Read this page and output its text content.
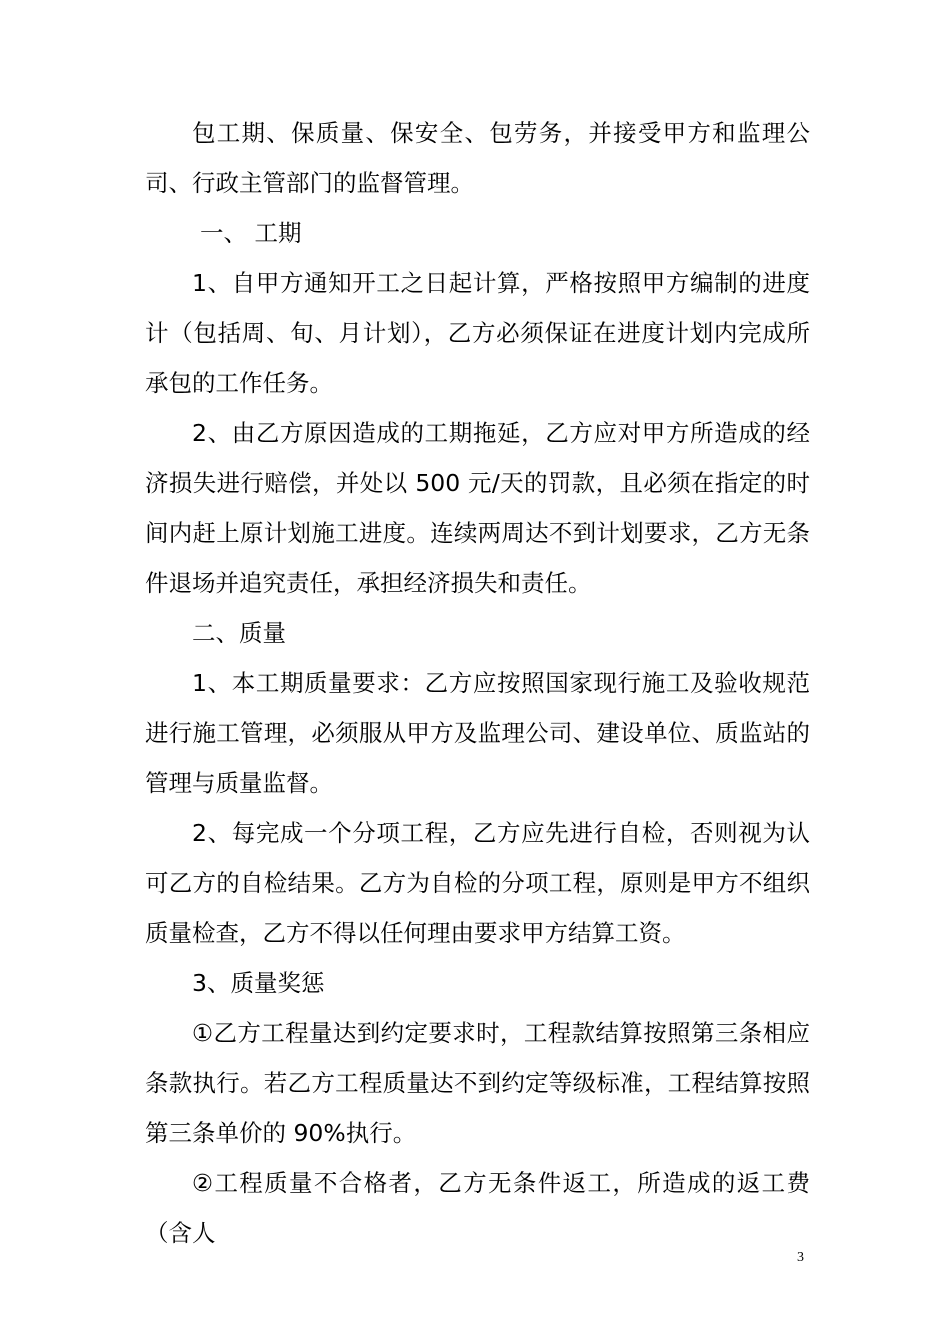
包工期、保质量、保安全、包劳务，并接受甲方和监理公司、行政主管部门的监督管理。

一、 工期

1、自甲方通知开工之日起计算，严格按照甲方编制的进度计（包括周、旬、月计划），乙方必须保证在进度计划内完成所承包的工作任务。

2、由乙方原因造成的工期拖延，乙方应对甲方所造成的经济损失进行赔偿，并处以 500 元/天的罚款，且必须在指定的时间内赶上原计划施工进度。连续两周达不到计划要求，乙方无条件退场并追究责任，承担经济损失和责任。

二、质量

1、本工期质量要求：乙方应按照国家现行施工及验收规范进行施工管理，必须服从甲方及监理公司、建设单位、质监站的管理与质量监督。

2、每完成一个分项工程，乙方应先进行自检，否则视为认可乙方的自检结果。乙方为自检的分项工程，原则是甲方不组织质量检查，乙方不得以任何理由要求甲方结算工资。

3、质量奖惩

①乙方工程量达到约定要求时，工程款结算按照第三条相应条款执行。若乙方工程质量达不到约定等级标准，工程结算按照第三条单价的 90%执行。

②工程质量不合格者，乙方无条件返工，所造成的返工费（含人

3
